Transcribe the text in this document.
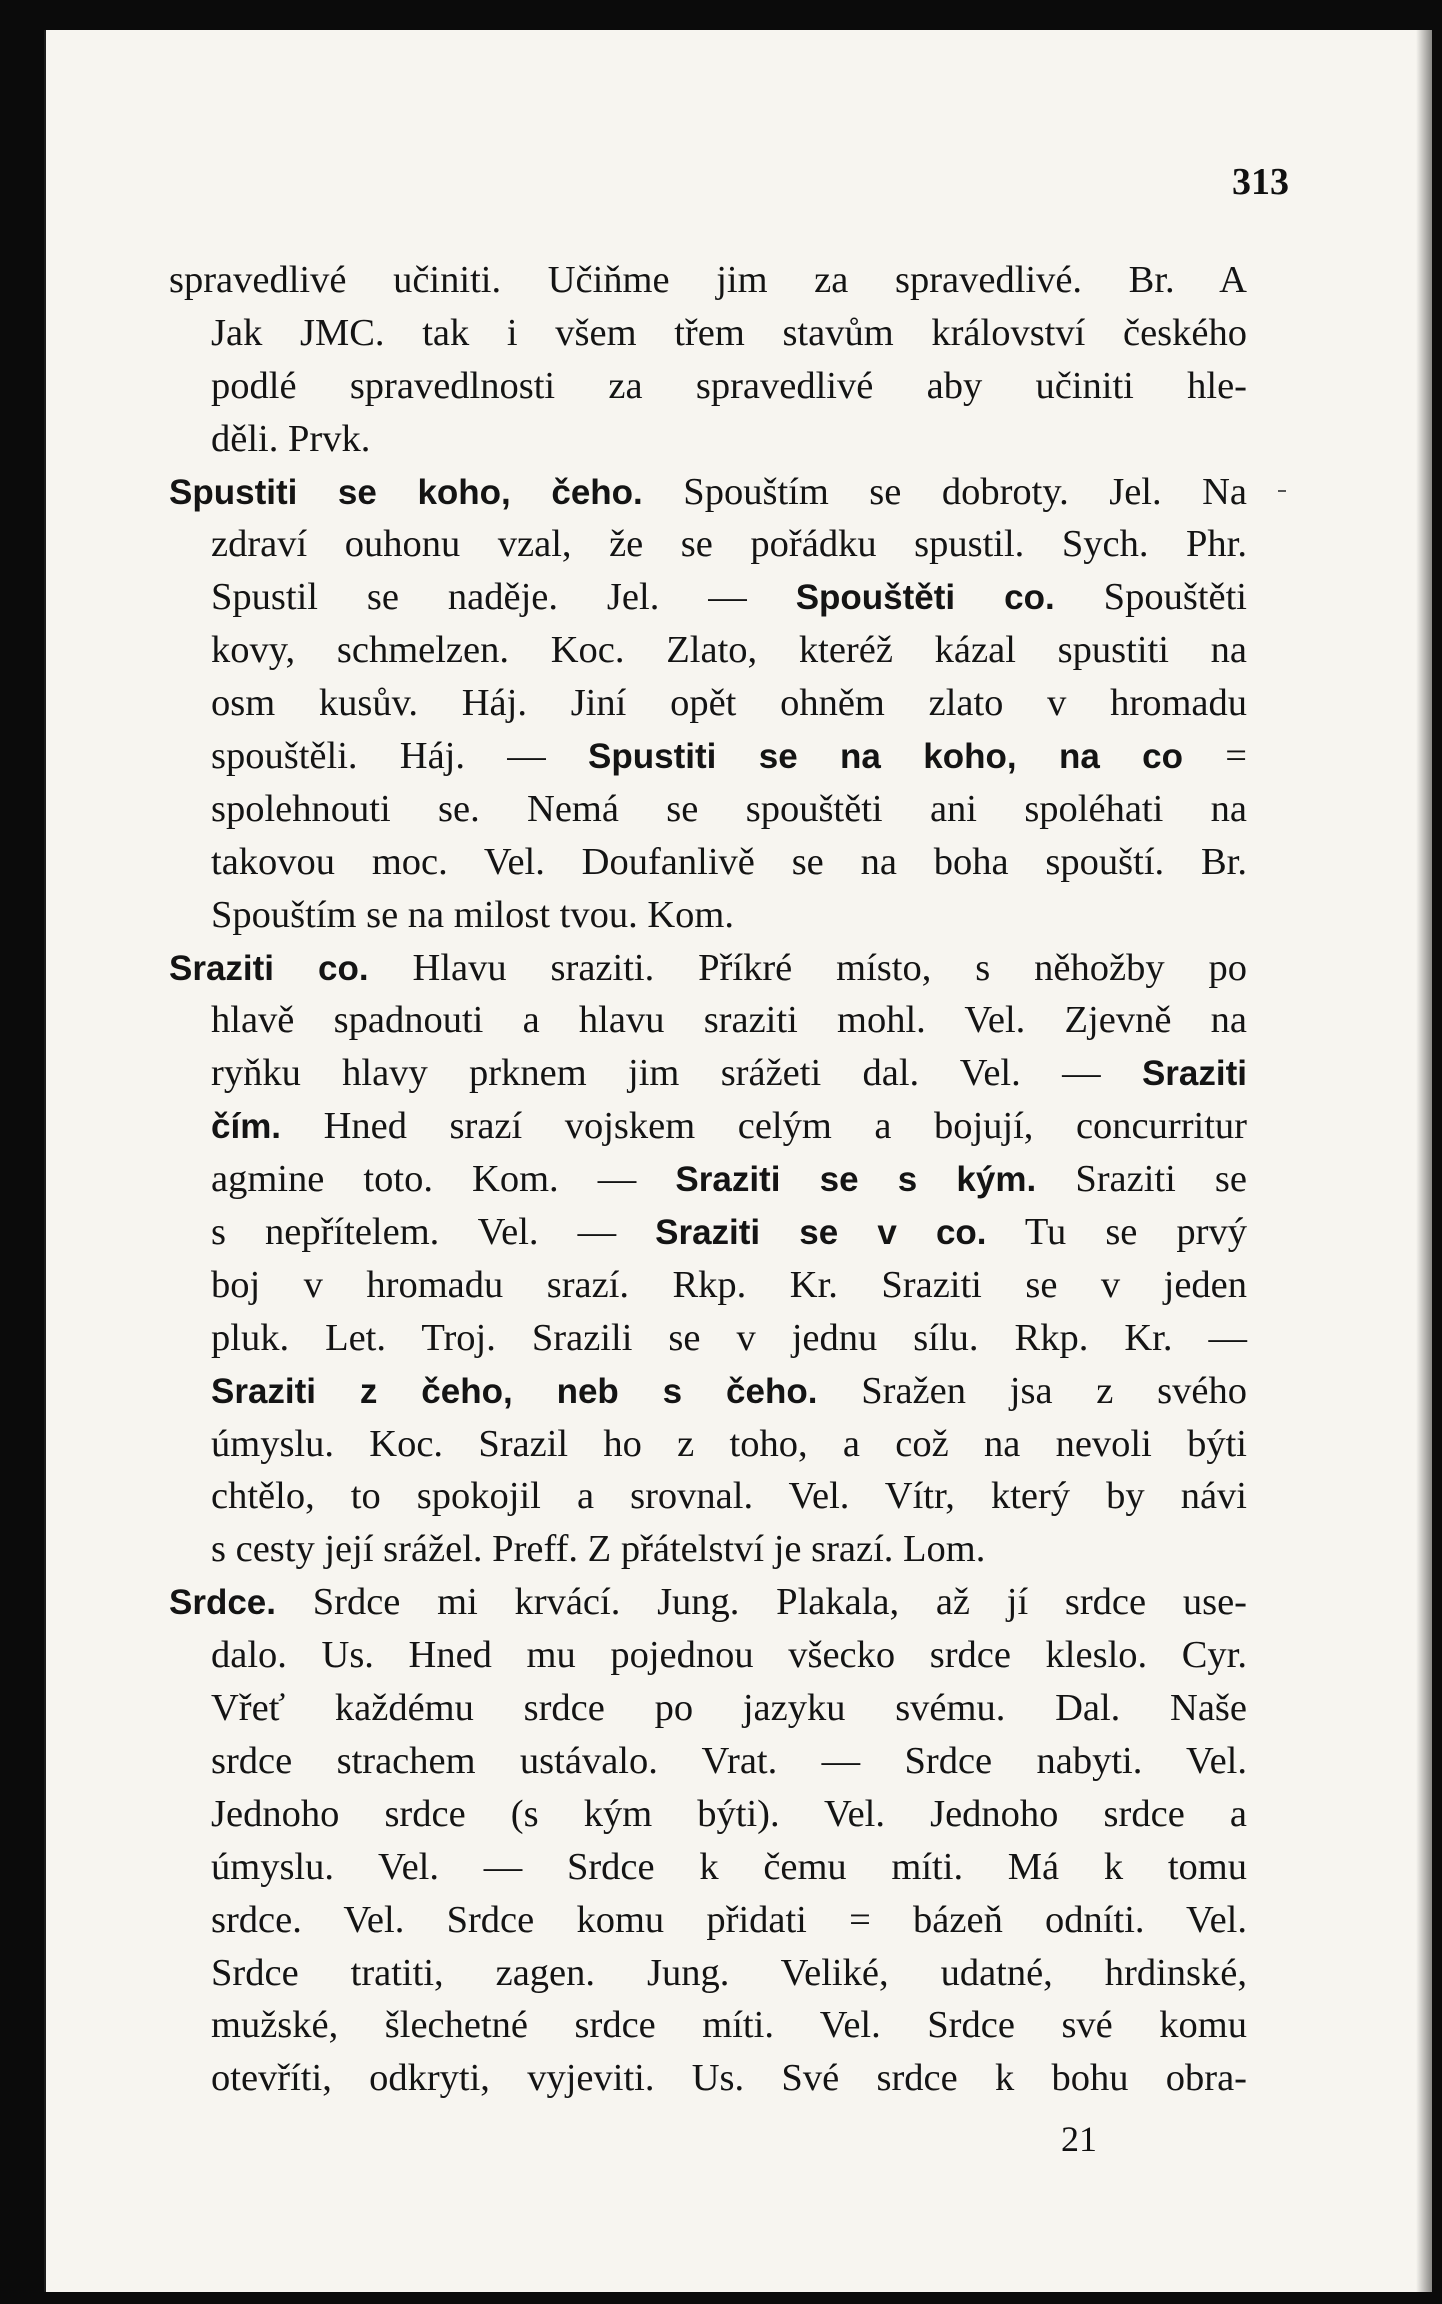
313
spravedlivé učiniti. Učiňme jim za spravedlivé. Br. A
Jak JMC. tak i všem třem stavům království českého
podlé spravedlnosti za spravedlivé aby učiniti hle-
děli. Prvk.
Spustiti se koho, čeho. Spouštím se dobroty. Jel. Na
zdraví ouhonu vzal, že se pořádku spustil. Sych. Phr.
Spustil se naděje. Jel. — Spouštěti co. Spouštěti
kovy, schmelzen. Koc. Zlato, kteréž kázal spustiti na
osm kusův. Háj. Jiní opět ohněm zlato v hromadu
spouštěli. Háj. — Spustiti se na koho, na co =
spolehnouti se. Nemá se spouštěti ani spoléhati na
takovou moc. Vel. Doufanlivě se na boha spouští. Br.
Spouštím se na milost tvou. Kom.
Sraziti co. Hlavu sraziti. Příkré místo, s něhožby po
hlavě spadnouti a hlavu sraziti mohl. Vel. Zjevně na
ryňku hlavy prknem jim srážeti dal. Vel. — Sraziti
čím. Hned srazí vojskem celým a bojují, concurritur
agmine toto. Kom. — Sraziti se s kým. Sraziti se
s nepřítelem. Vel. — Sraziti se v co. Tu se prvý
boj v hromadu srazí. Rkp. Kr. Sraziti se v jeden
pluk. Let. Troj. Srazili se v jednu sílu. Rkp. Kr. —
Sraziti z čeho, neb s čeho. Sražen jsa z svého
úmyslu. Koc. Srazil ho z toho, a což na nevoli býti
chtělo, to spokojil a srovnal. Vel. Vítr, který by návi
s cesty její srážel. Preff. Z přátelství je srazí. Lom.
Srdce. Srdce mi krvácí. Jung. Plakala, až jí srdce use-
dalo. Us. Hned mu pojednou všecko srdce kleslo. Cyr.
Vřeť každému srdce po jazyku svému. Dal. Naše
srdce strachem ustávalo. Vrat. — Srdce nabyti. Vel.
Jednoho srdce (s kým býti). Vel. Jednoho srdce a
úmyslu. Vel. — Srdce k čemu míti. Má k tomu
srdce. Vel. Srdce komu přidati = bázeň odníti. Vel.
Srdce tratiti, zagen. Jung. Veliké, udatné, hrdinské,
mužské, šlechetné srdce míti. Vel. Srdce své komu
otevříti, odkryti, vyjeviti. Us. Své srdce k bohu obra-
21
